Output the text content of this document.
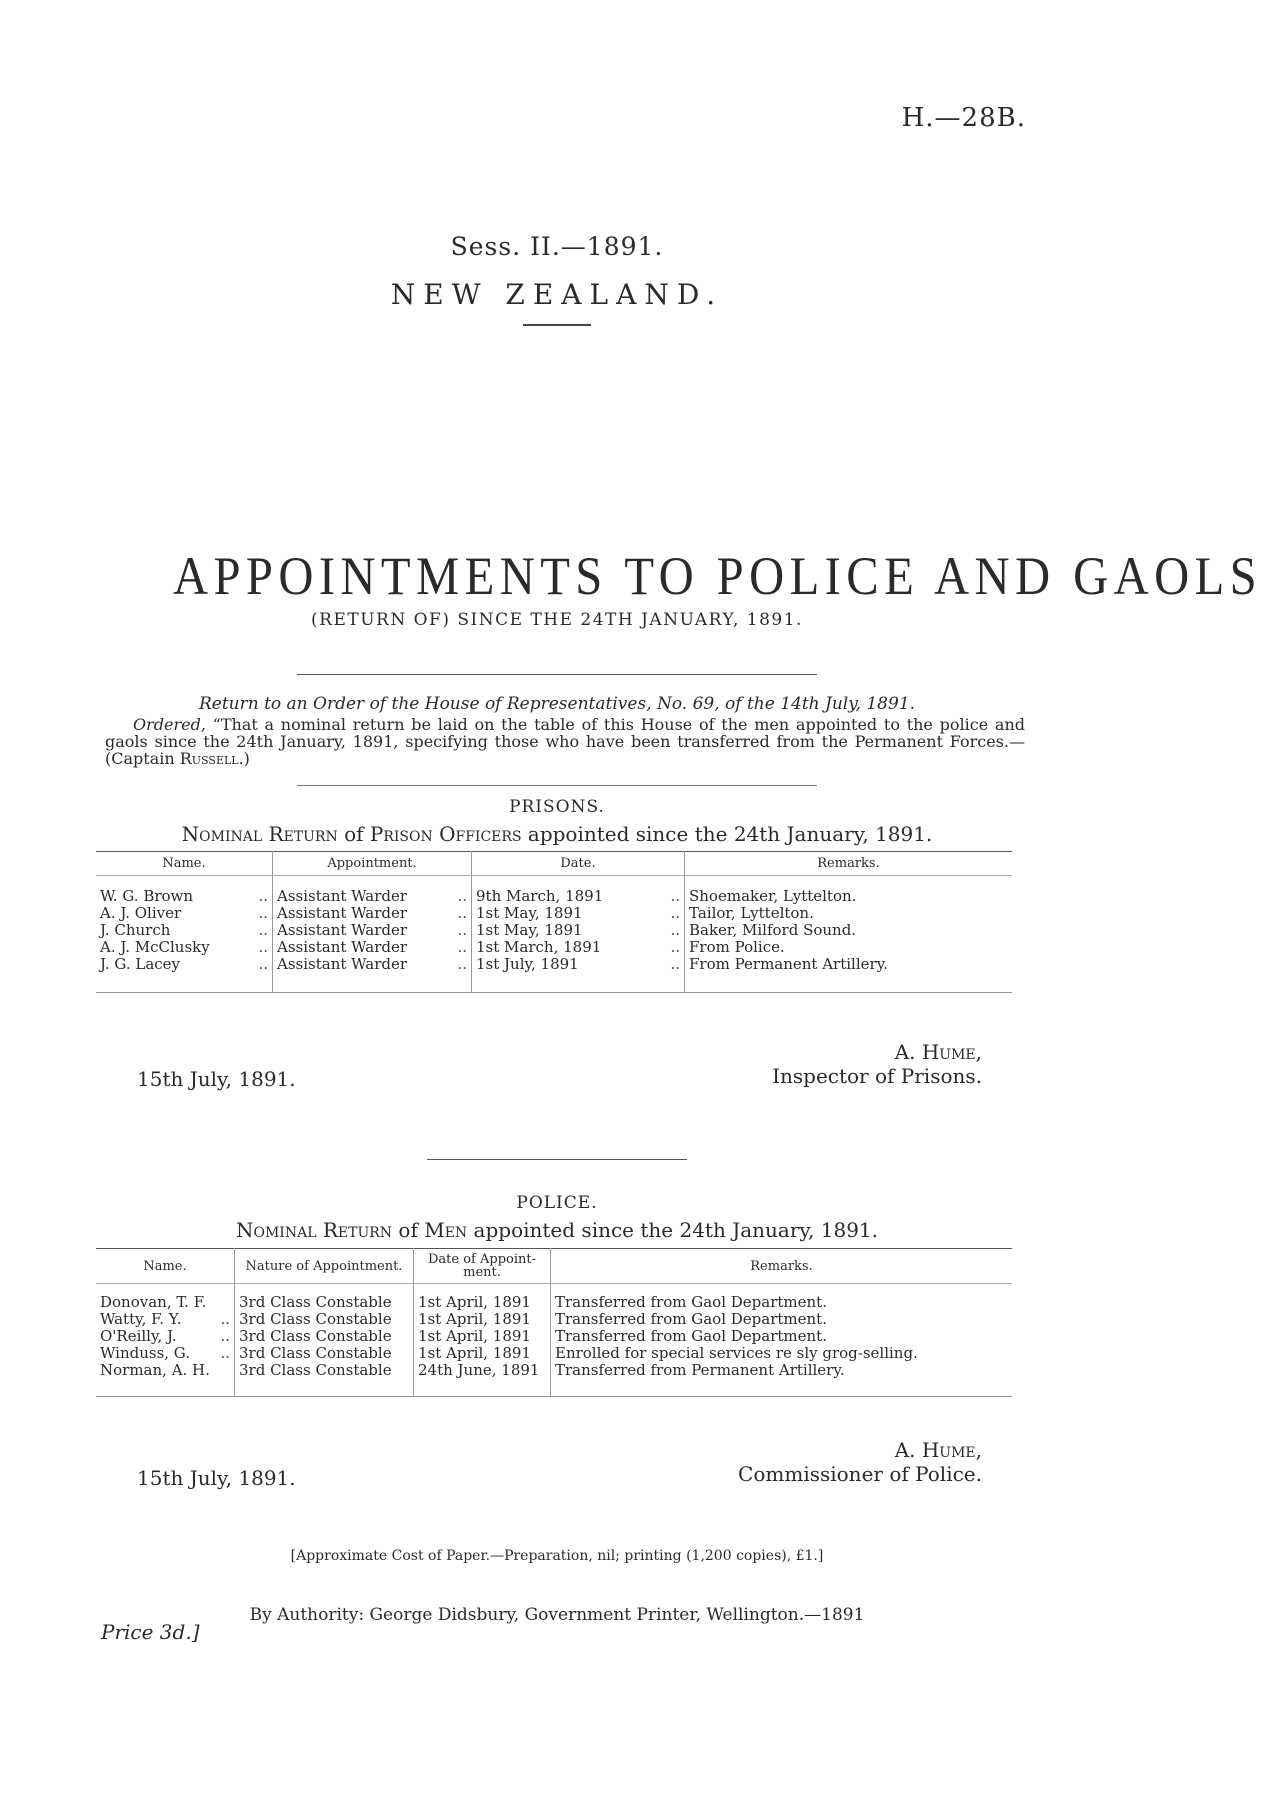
H.—28B.
Sess. II.—1891.
NEW ZEALAND.
APPOINTMENTS TO POLICE AND GAOLS
(RETURN OF) SINCE THE 24TH JANUARY, 1891.
Return to an Order of the House of Representatives, No. 69, of the 14th July, 1891.
Ordered, “That a nominal return be laid on the table of this House of the men appointed to the police and gaols since the 24th January, 1891, specifying those who have been transferred from the Permanent Forces.—(Captain Russell.)
PRISONS.
Nominal Return of Prison Officers appointed since the 24th January, 1891.
Name.	Appointment.	Date.	Remarks.

W. G. Brown ..	Assistant Warder ..	9th March, 1891 ..	Shoemaker, Lyttelton.
A. J. Oliver ..	Assistant Warder ..	1st May, 1891 ..	Tailor, Lyttelton.
J. Church ..	Assistant Warder ..	1st May, 1891 ..	Baker, Milford Sound.
A. J. McClusky ..	Assistant Warder ..	1st March, 1891 ..	From Police.
J. G. Lacey ..	Assistant Warder ..	1st July, 1891 ..	From Permanent Artillery.

15th July, 1891.
A. Hume,
Inspector of Prisons.
POLICE.
Nominal Return of Men appointed since the 24th January, 1891.
Name.	Nature of Appointment.	Date of Appoint-ment.	Remarks.

Donovan, T. F.	3rd Class Constable	1st April, 1891	Transferred from Gaol Department.
Watty, F. Y. ..	3rd Class Constable	1st April, 1891	Transferred from Gaol Department.
O'Reilly, J. ..	3rd Class Constable	1st April, 1891	Transferred from Gaol Department.
Winduss, G. ..	3rd Class Constable	1st April, 1891	Enrolled for special services re sly grog-selling.
Norman, A. H.	3rd Class Constable	24th June, 1891	Transferred from Permanent Artillery.

15th July, 1891.
A. Hume,
Commissioner of Police.
[Approximate Cost of Paper.—Preparation, nil; printing (1,200 copies), £1.]
By Authority: George Didsbury, Government Printer, Wellington.—1891
Price 3d.]
